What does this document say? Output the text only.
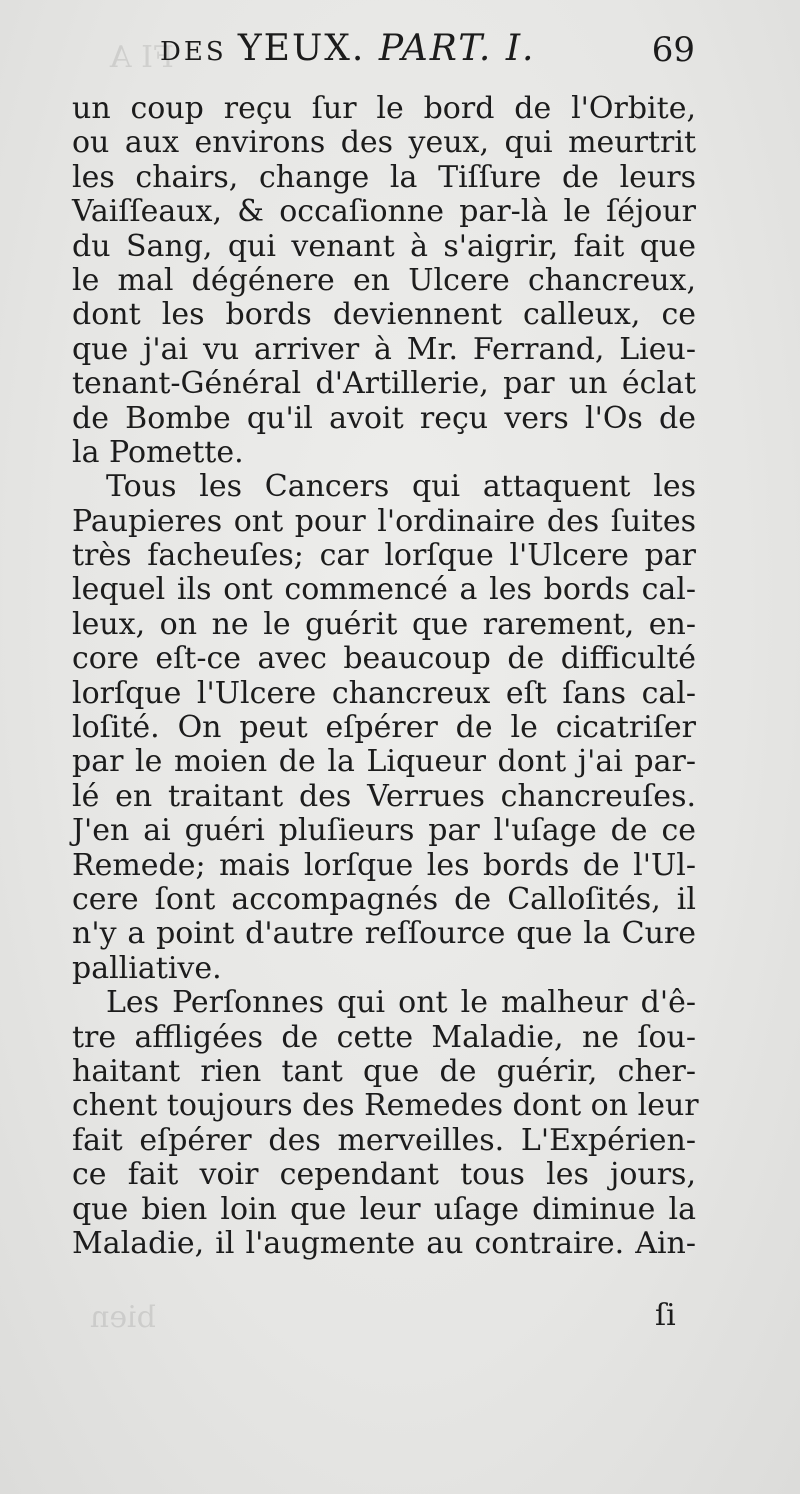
FI A
bien
DES YEUX. PART. I.	69
un coup reçu ſur le bord de l'Orbite,
ou aux environs des yeux, qui meurtrit
les chairs, change la Tiſſure de leurs
Vaiſſeaux, & occaſionne par-là le ſéjour
du Sang, qui venant à s'aigrir, fait que
le mal dégénere en Ulcere chancreux,
dont les bords deviennent calleux, ce
que j'ai vu arriver à Mr. Ferrand, Lieu-
tenant-Général d'Artillerie, par un éclat
de Bombe qu'il avoit reçu vers l'Os de
la Pomette.
Tous les Cancers qui attaquent les
Paupieres ont pour l'ordinaire des ſuites
très facheuſes; car lorſque l'Ulcere par
lequel ils ont commencé a les bords cal-
leux, on ne le guérit que rarement, en-
core eſt-ce avec beaucoup de difficulté
lorſque l'Ulcere chancreux eſt ſans cal-
loſité. On peut eſpérer de le cicatriſer
par le moien de la Liqueur dont j'ai par-
lé en traitant des Verrues chancreuſes.
J'en ai guéri pluſieurs par l'uſage de ce
Remede; mais lorſque les bords de l'Ul-
cere ſont accompagnés de Calloſités, il
n'y a point d'autre reſſource que la Cure
palliative.
Les Perſonnes qui ont le malheur d'ê-
tre affligées de cette Maladie, ne ſou-
haitant rien tant que de guérir, cher-
chent toujours des Remedes dont on leur
fait eſpérer des merveilles. L'Expérien-
ce fait voir cependant tous les jours,
que bien loin que leur uſage diminue la
Maladie, il l'augmente au contraire. Ain-
ſi
